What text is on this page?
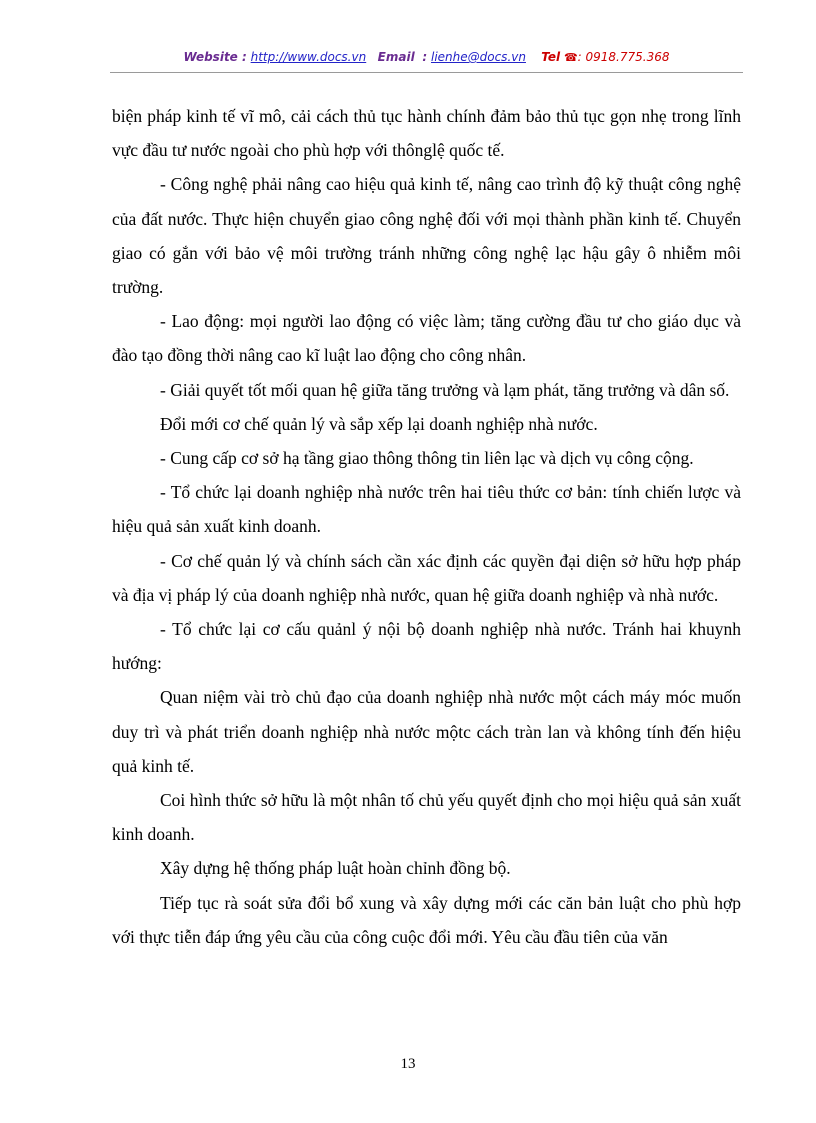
Website : http://www.docs.vn Email : lienhe@docs.vn Tel ☎: 0918.775.368

biện pháp kinh tế vĩ mô, cải cách thủ tục hành chính đảm bảo thủ tục gọn nhẹ trong lĩnh vực đầu tư nước ngoài cho phù hợp với thônglệ quốc tế.

- Công nghệ phải nâng cao hiệu quả kinh tế, nâng cao trình độ kỹ thuật công nghệ của đất nước. Thực hiện chuyển giao công nghệ đối với mọi thành phần kinh tế. Chuyển giao có gắn với bảo vệ môi trường tránh những công nghệ lạc hậu gây ô nhiễm môi trường.

- Lao động: mọi người lao động có việc làm; tăng cường đầu tư cho giáo dục và đào tạo đồng thời nâng cao kĩ luật lao động cho công nhân.

- Giải quyết tốt mối quan hệ giữa tăng trưởng và lạm phát, tăng trưởng và dân số.

Đổi mới cơ chế quản lý và sắp xếp lại doanh nghiệp nhà nước.

- Cung cấp cơ sở hạ tầng giao thông thông tin liên lạc và dịch vụ công cộng.

- Tổ chức lại doanh nghiệp nhà nước trên hai tiêu thức cơ bản: tính chiến lược và hiệu quả sản xuất kinh doanh.

- Cơ chế quản lý và chính sách cần xác định các quyền đại diện sở hữu hợp pháp và địa vị pháp lý của doanh nghiệp nhà nước, quan hệ giữa doanh nghiệp và nhà nước.

- Tổ chức lại cơ cấu quảnl ý nội bộ doanh nghiệp nhà nước. Tránh hai khuynh hướng:

Quan niệm vài trò chủ đạo của doanh nghiệp nhà nước một cách máy móc muốn duy trì và phát triển doanh nghiệp nhà nước mộtc cách tràn lan và không tính đến hiệu quả kinh tế.

Coi hình thức sở hữu là một nhân tố chủ yếu quyết định cho mọi hiệu quả sản xuất kinh doanh.

Xây dựng hệ thống pháp luật hoàn chỉnh đồng bộ.

Tiếp tục rà soát sửa đổi bổ xung và xây dựng mới các căn bản luật cho phù hợp với thực tiễn đáp ứng yêu cầu của công cuộc đổi mới. Yêu cầu đầu tiên của văn

13
